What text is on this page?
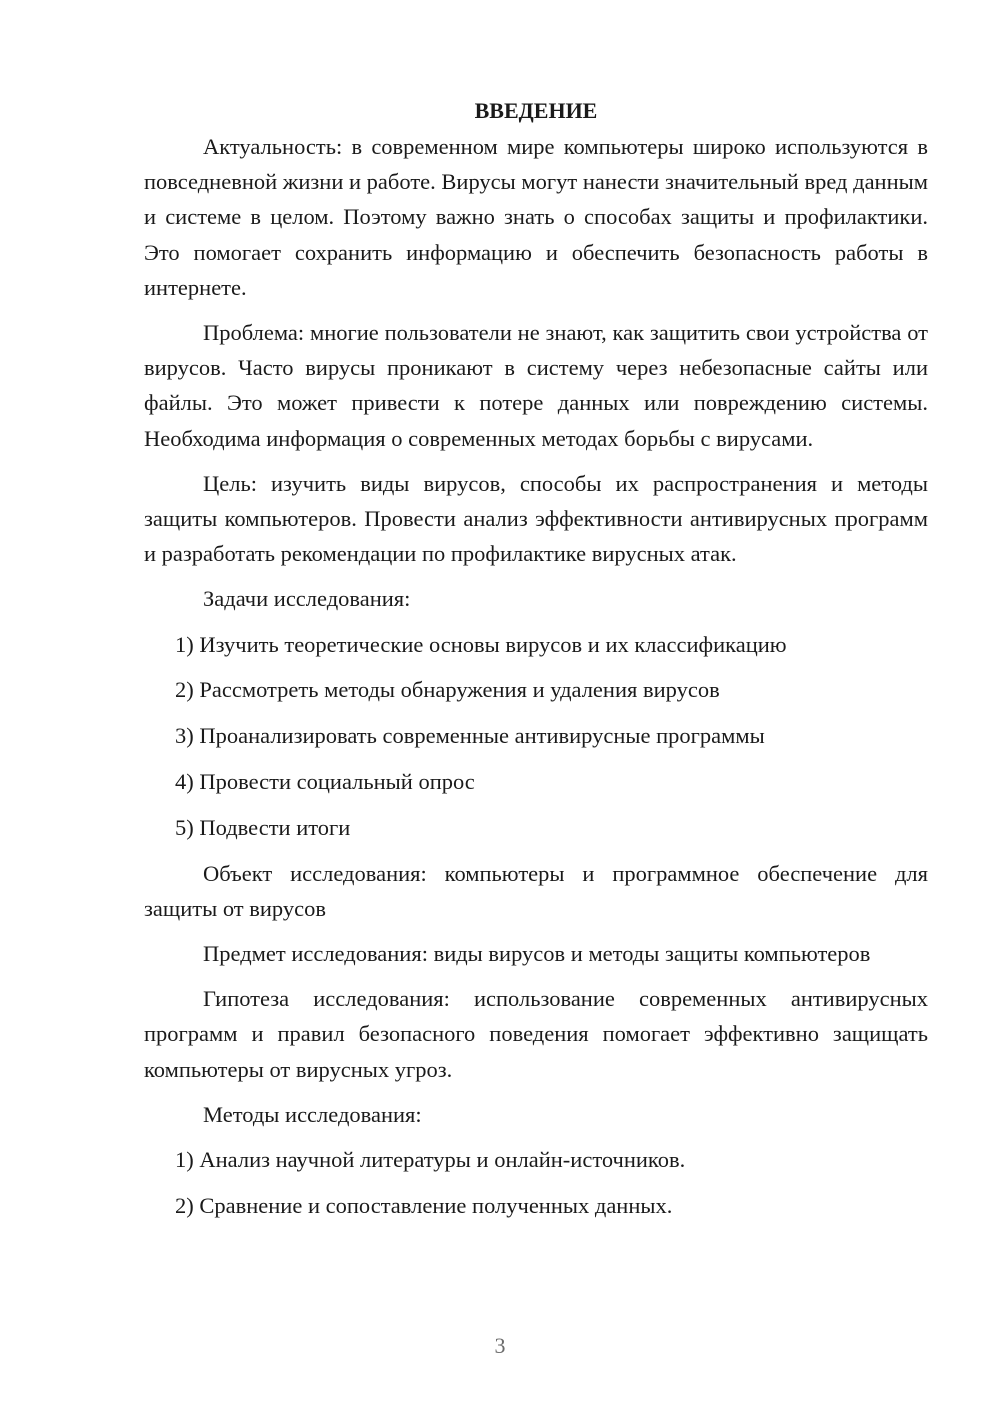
ВВЕДЕНИЕ
Актуальность: в современном мире компьютеры широко используются в повседневной жизни и работе. Вирусы могут нанести значительный вред данным и системе в целом. Поэтому важно знать о способах защиты и профилактики. Это помогает сохранить информацию и обеспечить безопасность работы в интернете.
Проблема: многие пользователи не знают, как защитить свои устройства от вирусов. Часто вирусы проникают в систему через небезопасные сайты или файлы. Это может привести к потере данных или повреждению системы. Необходима информация о современных методах борьбы с вирусами.
Цель: изучить виды вирусов, способы их распространения и методы защиты компьютеров. Провести анализ эффективности антивирусных программ и разработать рекомендации по профилактике вирусных атак.
Задачи исследования:
1) Изучить теоретические основы вирусов и их классификацию
2) Рассмотреть методы обнаружения и удаления вирусов
3) Проанализировать современные антивирусные программы
4) Провести социальный опрос
5) Подвести итоги
Объект исследования: компьютеры и программное обеспечение для защиты от вирусов
Предмет исследования: виды вирусов и методы защиты компьютеров
Гипотеза исследования: использование современных антивирусных программ и правил безопасного поведения помогает эффективно защищать компьютеры от вирусных угроз.
Методы исследования:
1) Анализ научной литературы и онлайн-источников.
2) Сравнение и сопоставление полученных данных.
3
